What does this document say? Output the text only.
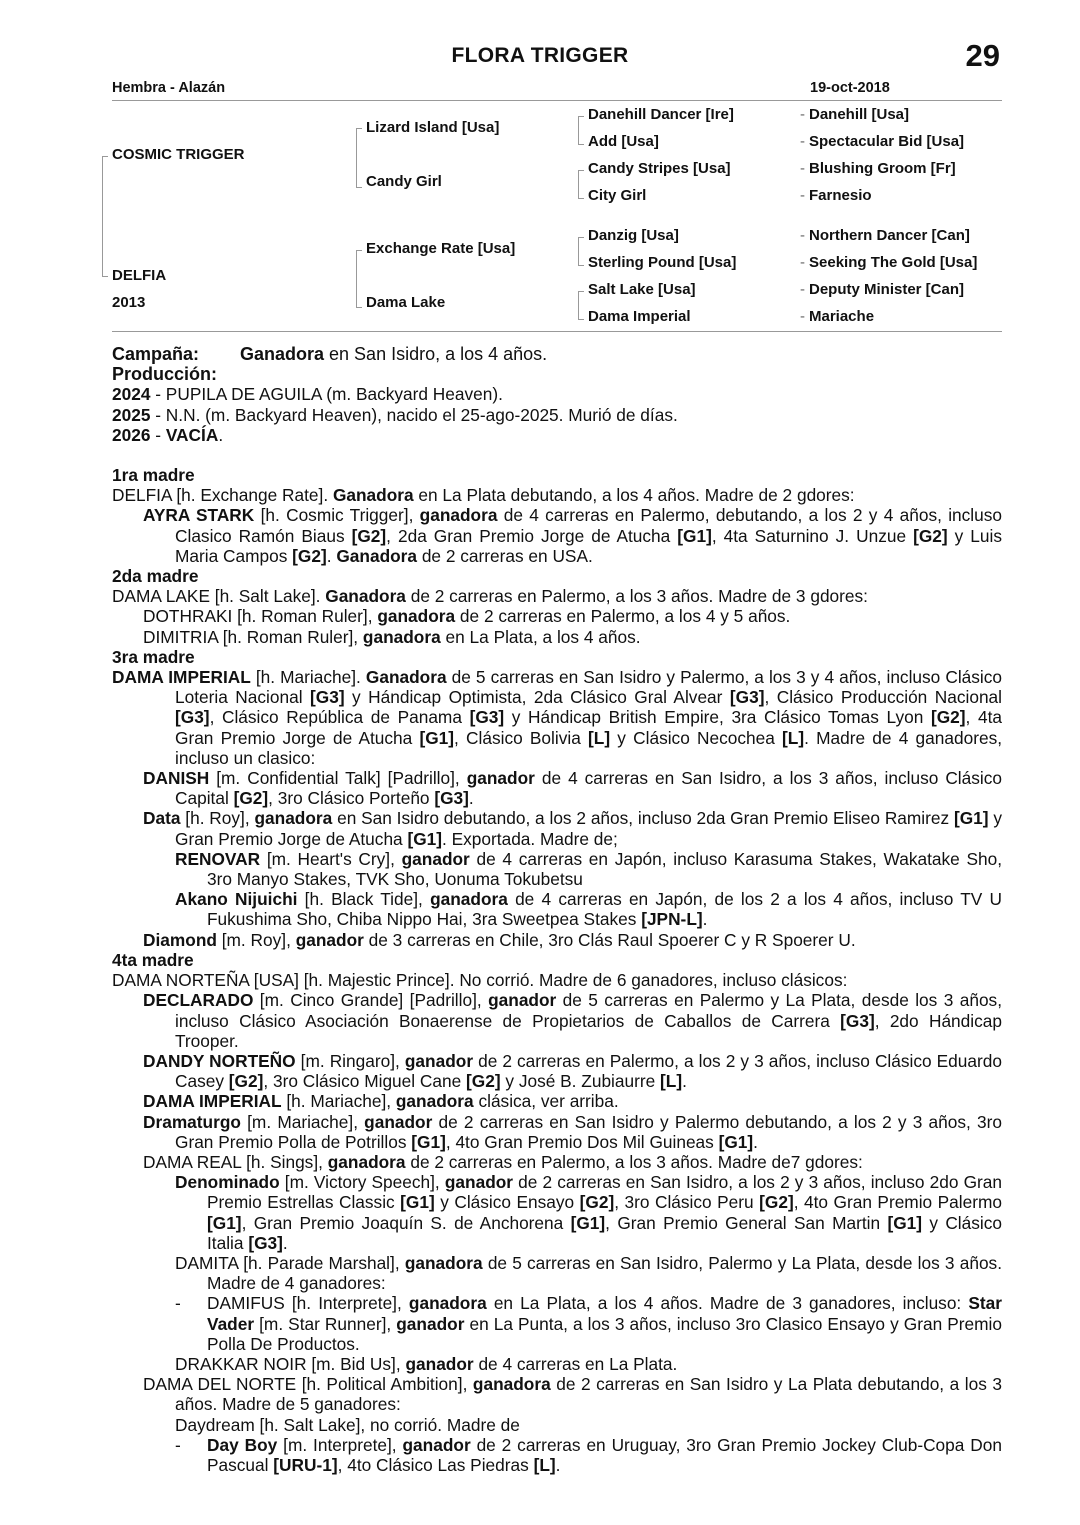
FLORA TRIGGER	29
Hembra - Alazán	19-oct-2018
COSMIC TRIGGER
DELFIA
2013
Lizard Island [Usa]
Candy Girl
Exchange Rate [Usa]
Dama Lake
Danehill Dancer [Ire]
Add [Usa]
Candy Stripes [Usa]
City Girl
Danzig [Usa]
Sterling Pound [Usa]
Salt Lake [Usa]
Dama Imperial
- Danehill [Usa]
- Spectacular Bid [Usa]
- Blushing Groom [Fr]
- Farnesio
- Northern Dancer [Can]
- Seeking The Gold [Usa]
- Deputy Minister [Can]
- Mariache

Campaña: Ganadora en San Isidro, a los 4 años.

Producción:

2024 - PUPILA DE AGUILA (m. Backyard Heaven).

2025 - N.N. (m. Backyard Heaven), nacido el 25-ago-2025. Murió de días.

2026 - VACÍA.

1ra madre

DELFIA [h. Exchange Rate]. Ganadora en La Plata debutando, a los 4 años. Madre de 2 gdores:

AYRA STARK [h. Cosmic Trigger], ganadora de 4 carreras en Palermo, debutando, a los 2 y 4 años, incluso Clasico Ramón Biaus [G2], 2da Gran Premio Jorge de Atucha [G1], 4ta Saturnino J. Unzue [G2] y Luis Maria Campos [G2]. Ganadora de 2 carreras en USA.

2da madre

DAMA LAKE [h. Salt Lake]. Ganadora de 2 carreras en Palermo, a los 3 años. Madre de 3 gdores:

DOTHRAKI [h. Roman Ruler], ganadora de 2 carreras en Palermo, a los 4 y 5 años.

DIMITRIA [h. Roman Ruler], ganadora en La Plata, a los 4 años.

3ra madre

DAMA IMPERIAL [h. Mariache]. Ganadora de 5 carreras en San Isidro y Palermo, a los 3 y 4 años, incluso Clásico Loteria Nacional [G3] y Hándicap Optimista, 2da Clásico Gral Alvear [G3], Clásico Producción Nacional [G3], Clásico República de Panama [G3] y Hándicap British Empire, 3ra Clásico Tomas Lyon [G2], 4ta Gran Premio Jorge de Atucha [G1], Clásico Bolivia [L] y Clásico Necochea [L]. Madre de 4 ganadores, incluso un clasico:

DANISH [m. Confidential Talk] [Padrillo], ganador de 4 carreras en San Isidro, a los 3 años, incluso Clásico Capital [G2], 3ro Clásico Porteño [G3].

Data [h. Roy], ganadora en San Isidro debutando, a los 2 años, incluso 2da Gran Premio Eliseo Ramirez [G1] y Gran Premio Jorge de Atucha [G1]. Exportada. Madre de;

RENOVAR [m. Heart's Cry], ganador de 4 carreras en Japón, incluso Karasuma Stakes, Wakatake Sho, 3ro Manyo Stakes, TVK Sho, Uonuma Tokubetsu

Akano Nijuichi [h. Black Tide], ganadora de 4 carreras en Japón, de los 2 a los 4 años, incluso TV U Fukushima Sho, Chiba Nippo Hai, 3ra Sweetpea Stakes [JPN-L].

Diamond [m. Roy], ganador de 3 carreras en Chile, 3ro Clás Raul Spoerer C y R Spoerer U.

4ta madre

DAMA NORTEÑA [USA] [h. Majestic Prince]. No corrió. Madre de 6 ganadores, incluso clásicos:

DECLARADO [m. Cinco Grande] [Padrillo], ganador de 5 carreras en Palermo y La Plata, desde los 3 años, incluso Clásico Asociación Bonaerense de Propietarios de Caballos de Carrera [G3], 2do Hándicap Trooper.

DANDY NORTEÑO [m. Ringaro], ganador de 2 carreras en Palermo, a los 2 y 3 años, incluso Clásico Eduardo Casey [G2], 3ro Clásico Miguel Cane [G2] y José B. Zubiaurre [L].

DAMA IMPERIAL [h. Mariache], ganadora clásica, ver arriba.

Dramaturgo [m. Mariache], ganador de 2 carreras en San Isidro y Palermo debutando, a los 2 y 3 años, 3ro Gran Premio Polla de Potrillos [G1], 4to Gran Premio Dos Mil Guineas [G1].

DAMA REAL [h. Sings], ganadora de 2 carreras en Palermo, a los 3 años. Madre de7 gdores:

Denominado [m. Victory Speech], ganador de 2 carreras en San Isidro, a los 2 y 3 años, incluso 2do Gran Premio Estrellas Classic [G1] y Clásico Ensayo [G2], 3ro Clásico Peru [G2], 4to Gran Premio Palermo [G1], Gran Premio Joaquín S. de Anchorena [G1], Gran Premio General San Martin [G1] y Clásico Italia [G3].

DAMITA [h. Parade Marshal], ganadora de 5 carreras en San Isidro, Palermo y La Plata, desde los 3 años. Madre de 4 ganadores:

- DAMIFUS [h. Interprete], ganadora en La Plata, a los 4 años. Madre de 3 ganadores, incluso: Star Vader [m. Star Runner], ganador en La Punta, a los 3 años, incluso 3ro Clasico Ensayo y Gran Premio Polla De Productos.

DRAKKAR NOIR [m. Bid Us], ganador de 4 carreras en La Plata.

DAMA DEL NORTE [h. Political Ambition], ganadora de 2 carreras en San Isidro y La Plata debutando, a los 3 años. Madre de 5 ganadores:

Daydream [h. Salt Lake], no corrió. Madre de

- Day Boy [m. Interprete], ganador de 2 carreras en Uruguay, 3ro Gran Premio Jockey Club-Copa Don Pascual [URU-1], 4to Clásico Las Piedras [L].
